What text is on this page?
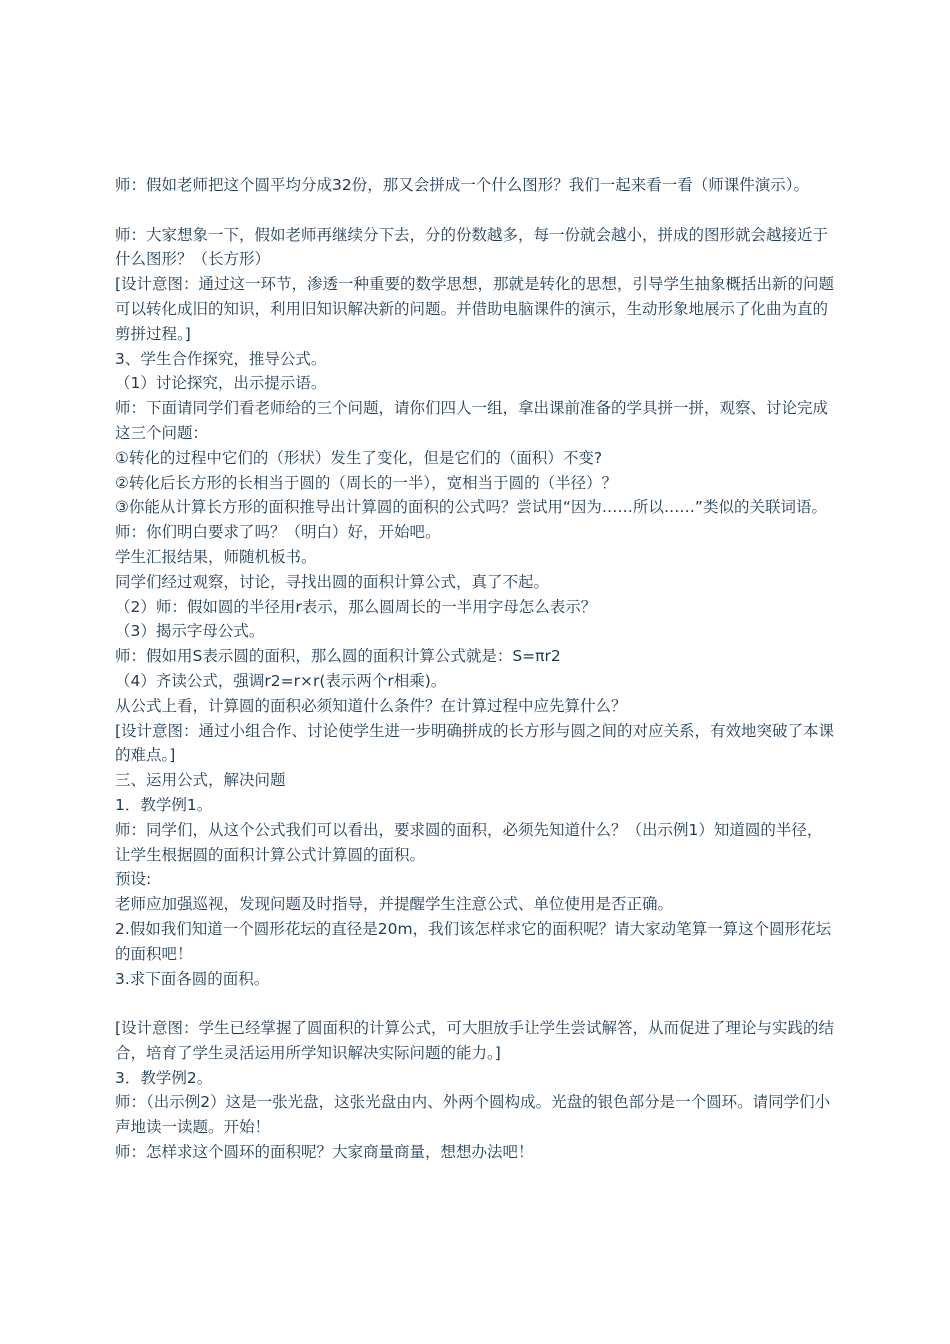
师：假如老师把这个圆平均分成32份，那又会拼成一个什么图形？我们一起来看一看（师课件演示）。

师：大家想象一下，假如老师再继续分下去，分的份数越多，每一份就会越小，拼成的图形就会越接近于什么图形？（长方形）

[设计意图：通过这一环节，渗透一种重要的数学思想，那就是转化的思想，引导学生抽象概括出新的问题可以转化成旧的知识，利用旧知识解决新的问题。并借助电脑课件的演示，生动形象地展示了化曲为直的剪拼过程。]

3、学生合作探究，推导公式。

（1）讨论探究，出示提示语。

师：下面请同学们看老师给的三个问题，请你们四人一组，拿出课前准备的学具拼一拼，观察、讨论完成这三个问题：

①转化的过程中它们的（形状）发生了变化，但是它们的（面积）不变?

②转化后长方形的长相当于圆的（周长的一半），宽相当于圆的（半径）？

③你能从计算长方形的面积推导出计算圆的面积的公式吗？尝试用“因为……所以……”类似的关联词语。

师：你们明白要求了吗？（明白）好，开始吧。

学生汇报结果，师随机板书。

同学们经过观察，讨论，寻找出圆的面积计算公式，真了不起。

（2）师：假如圆的半径用r表示，那么圆周长的一半用字母怎么表示？

（3）揭示字母公式。

师：假如用S表示圆的面积，那么圆的面积计算公式就是：S=πr2

（4）齐读公式，强调r2=r×r(表示两个r相乘)。

从公式上看，计算圆的面积必须知道什么条件？在计算过程中应先算什么？

[设计意图：通过小组合作、讨论使学生进一步明确拼成的长方形与圆之间的对应关系，有效地突破了本课的难点。]

三、运用公式，解决问题

1．教学例1。

师：同学们，从这个公式我们可以看出，要求圆的面积，必须先知道什么？（出示例1）知道圆的半径，让学生根据圆的面积计算公式计算圆的面积。

预设:

老师应加强巡视，发现问题及时指导，并提醒学生注意公式、单位使用是否正确。

2.假如我们知道一个圆形花坛的直径是20m，我们该怎样求它的面积呢？请大家动笔算一算这个圆形花坛的面积吧！

3.求下面各圆的面积。

[设计意图：学生已经掌握了圆面积的计算公式，可大胆放手让学生尝试解答，从而促进了理论与实践的结合，培育了学生灵活运用所学知识解决实际问题的能力。]

3．教学例2。

师：（出示例2）这是一张光盘，这张光盘由内、外两个圆构成。光盘的银色部分是一个圆环。请同学们小声地读一读题。开始！

师：怎样求这个圆环的面积呢？大家商量商量，想想办法吧！
